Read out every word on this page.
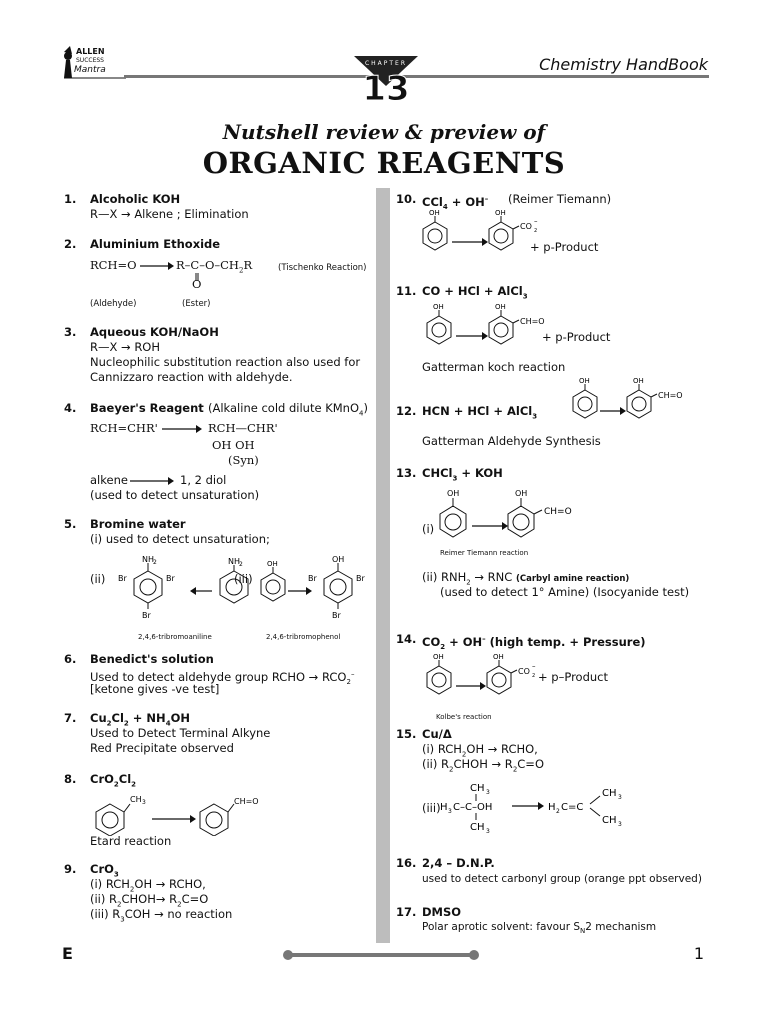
ALLEN
SUCCESS
Mantra
CHAPTER
13
Chemistry HandBook
Nutshell review & preview of
ORGANIC REAGENTS
1. Alcoholic KOH
R—X → Alkene ; Elimination
2. Aluminium Ethoxide
$RCH=O \to R-C-O-CH_2R$
O
(Tischenko Reaction)
(Aldehyde)	(Ester)
3. Aqueous KOH/NaOH
R—X → ROH
Nucleophilic substitution reaction also used for
Cannizzaro reaction with aldehyde.
4. Baeyer's Reagent (Alkaline cold dilute KMnO$_4$)
RCH=CHR' → RCH—CHR'
OH OH
(Syn)
alkene → 1, 2 diol
(used to detect unsaturation)
5. Bromine water
(i) used to detect unsaturation;
(ii)
NH 2
Br	Br
Br
NH 2
(iii)
OH	OH
Br	Br
Br
2,4,6-tribromoaniline	2,4,6-tribromophenol
6. Benedict's solution
Used to detect aldehyde group RCHO → $RCO_2^-$
[ketone gives -ve test]
7. $Cu_2Cl_2 + NH_4OH$
Used to Detect Terminal Alkyne
Red Precipitate observed
8. $CrO_2Cl_2$
CH 3	CH=O
Etard reaction
9. CrO$_3$
(i) $RCH_2OH$ → RCHO,
(ii) $R_2CHOH\to R_2C=O$
(iii) $R_3COH$ → no reaction
10. CCl$_4$ + OH– (Reimer Tiemann)
OH	OH
CO 2
–
+ p-Product
11. CO + HCl + AlCl$_3$
OH	OH
CH=O
+ p-Product
Gatterman koch reaction
12. HCN + HCl + AlCl$_3$
OH	OH
CH=O
Gatterman Aldehyde Synthesis
13. CHCl$_3$ + KOH
(i)
OH	OH
CH=O
Reimer Tiemann reaction
(ii) $RNH_2$ → RNC (Carbyl amine reaction)
(used to detect 1° Amine) (Isocyanide test)
14. $CO_2 + OH^-$ (high temp. + Pressure)
OH	OH
CO 2
–
+ p–Product
Kolbe's reaction
15. Cu/Δ
(i) $RCH_2OH$ → RCHO,
(ii) $R_2CHOH \to R_2C=O$
(iii)
CH 3
H 3 C–C–OH
CH 3
H 2 C=C
CH 3
CH 3
16. 2,4 – D.N.P.
used to detect carbonyl group (orange ppt observed)
17. DMSO
Polar aprotic solvent: favour $S_N2$ mechanism
E	1
